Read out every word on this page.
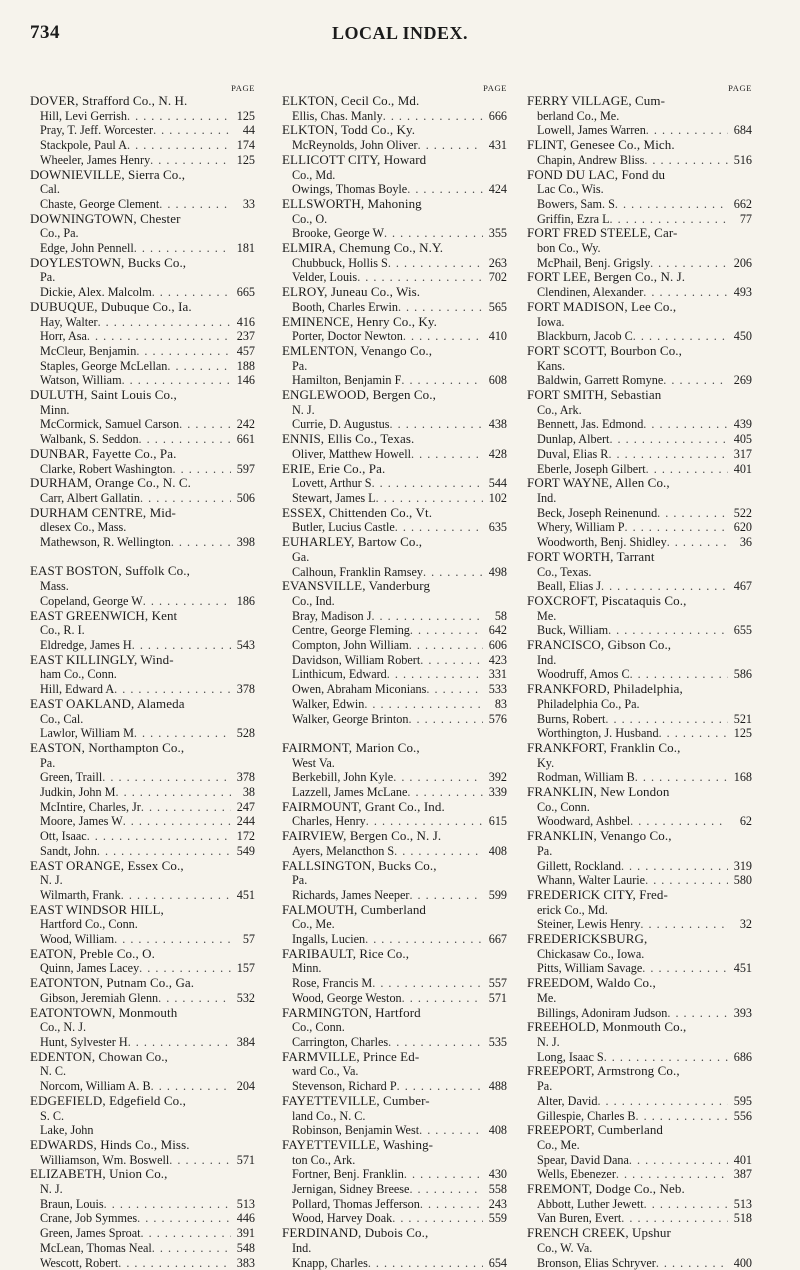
734	LOCAL INDEX.
PAGE
DOVER, Strafford Co., N. H.
Hill, Levi Gerrish . . .	125
Pray, T. Jeff. Worcester . . .	44
Stackpole, Paul A . . .	174
Wheeler, James Henry . . .	125
DOWNIEVILLE, Sierra Co.,
Cal.
Chaste, George Clement . . .	33
DOWNINGTOWN, Chester
Co., Pa.
Edge, John Pennell . . .	181
DOYLESTOWN, Bucks Co.,
Pa.
Dickie, Alex. Malcolm . . .	665
DUBUQUE, Dubuque Co., Ia.
Hay, Walter . . .	416
Horr, Asa . . .	237
McCleur, Benjamin . . .	457
Staples, George McLellan . . .	188
Watson, William . . .	146
DULUTH, Saint Louis Co.,
Minn.
McCormick, Samuel Carson . . .	242
Walbank, S. Seddon . . .	661
DUNBAR, Fayette Co., Pa.
Clarke, Robert Washington . . .	597
DURHAM, Orange Co., N. C.
Carr, Albert Gallatin . . .	506
DURHAM CENTRE, Mid-
dlesex Co., Mass.
Mathewson, R. Wellington . . .	398
EAST BOSTON, Suffolk Co.,
Mass.
Copeland, George W . . .	186
EAST GREENWICH, Kent
Co., R. I.
Eldredge, James H . . .	543
EAST KILLINGLY, Wind-
ham Co., Conn.
Hill, Edward A . . .	378
EAST OAKLAND, Alameda
Co., Cal.
Lawlor, William M . . .	528
EASTON, Northampton Co.,
Pa.
Green, Traill . . .	378
Judkin, John M . . .	38
McIntire, Charles, Jr . . .	247
Moore, James W . . .	244
Ott, Isaac . . .	172
Sandt, John . . .	549
EAST ORANGE, Essex Co.,
N. J.
Wilmarth, Frank . . .	451
EAST WINDSOR HILL,
Hartford Co., Conn.
Wood, William . . .	57
EATON, Preble Co., O.
Quinn, James Lacey . . .	157
EATONTON, Putnam Co., Ga.
Gibson, Jeremiah Glenn . . .	532
EATONTOWN, Monmouth
Co., N. J.
Hunt, Sylvester H . . .	384
EDENTON, Chowan Co.,
N. C.
Norcom, William A. B . . .	204
EDGEFIELD, Edgefield Co.,
S. C.
Lake, John
EDWARDS, Hinds Co., Miss.
Williamson, Wm. Boswell . . .	571
ELIZABETH, Union Co.,
N. J.
Braun, Louis . . .	513
Crane, Job Symmes . . .	446
Green, James Sproat . . .	391
McLean, Thomas Neal . . .	548
Wescott, Robert . . .	383
PAGE
ELKTON, Cecil Co., Md.
Ellis, Chas. Manly . . .	666
ELKTON, Todd Co., Ky.
McReynolds, John Oliver . . .	431
ELLICOTT CITY, Howard
Co., Md.
Owings, Thomas Boyle . . .	424
ELLSWORTH, Mahoning
Co., O.
Brooke, George W . . .	355
ELMIRA, Chemung Co., N.Y.
Chubbuck, Hollis S . . .	263
Velder, Louis . . .	702
ELROY, Juneau Co., Wis.
Booth, Charles Erwin . . .	565
EMINENCE, Henry Co., Ky.
Porter, Doctor Newton . . .	410
EMLENTON, Venango Co.,
Pa.
Hamilton, Benjamin F . . .	608
ENGLEWOOD, Bergen Co.,
N. J.
Currie, D. Augustus . . .	438
ENNIS, Ellis Co., Texas.
Oliver, Matthew Howell . . .	428
ERIE, Erie Co., Pa.
Lovett, Arthur S . . .	544
Stewart, James L . . .	102
ESSEX, Chittenden Co., Vt.
Butler, Lucius Castle . . .	635
EUHARLEY, Bartow Co.,
Ga.
Calhoun, Franklin Ramsey . . .	498
EVANSVILLE, Vanderburg
Co., Ind.
Bray, Madison J . . .	58
Centre, George Fleming . . .	642
Compton, John William . . .	606
Davidson, William Robert . . .	423
Linthicum, Edward . . .	331
Owen, Abraham Miconians . . .	533
Walker, Edwin . . .	83
Walker, George Brinton . . .	576
FAIRMONT, Marion Co.,
West Va.
Berkebill, John Kyle . . .	392
Lazzell, James McLane . . .	339
FAIRMOUNT, Grant Co., Ind.
Charles, Henry . . .	615
FAIRVIEW, Bergen Co., N. J.
Ayers, Melancthon S . . .	408
FALLSINGTON, Bucks Co.,
Pa.
Richards, James Neeper . . .	599
FALMOUTH, Cumberland
Co., Me.
Ingalls, Lucien . . .	667
FARIBAULT, Rice Co.,
Minn.
Rose, Francis M . . .	557
Wood, George Weston . . .	571
FARMINGTON, Hartford
Co., Conn.
Carrington, Charles . . .	535
FARMVILLE, Prince Ed-
ward Co., Va.
Stevenson, Richard P . . .	488
FAYETTEVILLE, Cumber-
land Co., N. C.
Robinson, Benjamin West . . .	408
FAYETTEVILLE, Washing-
ton Co., Ark.
Fortner, Benj. Franklin . . .	430
Jernigan, Sidney Breese . . .	558
Pollard, Thomas Jefferson . . .	243
Wood, Harvey Doak . . .	559
FERDINAND, Dubois Co.,
Ind.
Knapp, Charles . . .	654
PAGE
FERRY VILLAGE, Cum-
berland Co., Me.
Lowell, James Warren . . .	684
FLINT, Genesee Co., Mich.
Chapin, Andrew Bliss . . .	516
FOND DU LAC, Fond du
Lac Co., Wis.
Bowers, Sam. S . . .	662
Griffin, Ezra L . . .	77
FORT FRED STEELE, Car-
bon Co., Wy.
McPhail, Benj. Grigsly . . .	206
FORT LEE, Bergen Co., N. J.
Clendinen, Alexander . . .	493
FORT MADISON, Lee Co.,
Iowa.
Blackburn, Jacob C . . .	450
FORT SCOTT, Bourbon Co.,
Kans.
Baldwin, Garrett Romyne . . .	269
FORT SMITH, Sebastian
Co., Ark.
Bennett, Jas. Edmond . . .	439
Dunlap, Albert . . .	405
Duval, Elias R . . .	317
Eberle, Joseph Gilbert . . .	401
FORT WAYNE, Allen Co.,
Ind.
Beck, Joseph Reinenund . . .	522
Whery, William P . . .	620
Woodworth, Benj. Shidley . . .	36
FORT WORTH, Tarrant
Co., Texas.
Beall, Elias J . . .	467
FOXCROFT, Piscataquis Co.,
Me.
Buck, William . . .	655
FRANCISCO, Gibson Co.,
Ind.
Woodruff, Amos C . . .	586
FRANKFORD, Philadelphia,
Philadelphia Co., Pa.
Burns, Robert . . .	521
Worthington, J. Husband . . .	125
FRANKFORT, Franklin Co.,
Ky.
Rodman, William B . . .	168
FRANKLIN, New London
Co., Conn.
Woodward, Ashbel . . .	62
FRANKLIN, Venango Co.,
Pa.
Gillett, Rockland . . .	319
Whann, Walter Laurie . . .	580
FREDERICK CITY, Fred-
erick Co., Md.
Steiner, Lewis Henry . . .	32
FREDERICKSBURG,
Chickasaw Co., Iowa.
Pitts, William Savage . . .	451
FREEDOM, Waldo Co.,
Me.
Billings, Adoniram Judson . . .	393
FREEHOLD, Monmouth Co.,
N. J.
Long, Isaac S . . .	686
FREEPORT, Armstrong Co.,
Pa.
Alter, David . . .	595
Gillespie, Charles B . . .	556
FREEPORT, Cumberland
Co., Me.
Spear, David Dana . . .	401
Wells, Ebenezer . . .	387
FREMONT, Dodge Co., Neb.
Abbott, Luther Jewett . . .	513
Van Buren, Evert . . .	518
FRENCH CREEK, Upshur
Co., W. Va.
Bronson, Elias Schryver . . .	400
